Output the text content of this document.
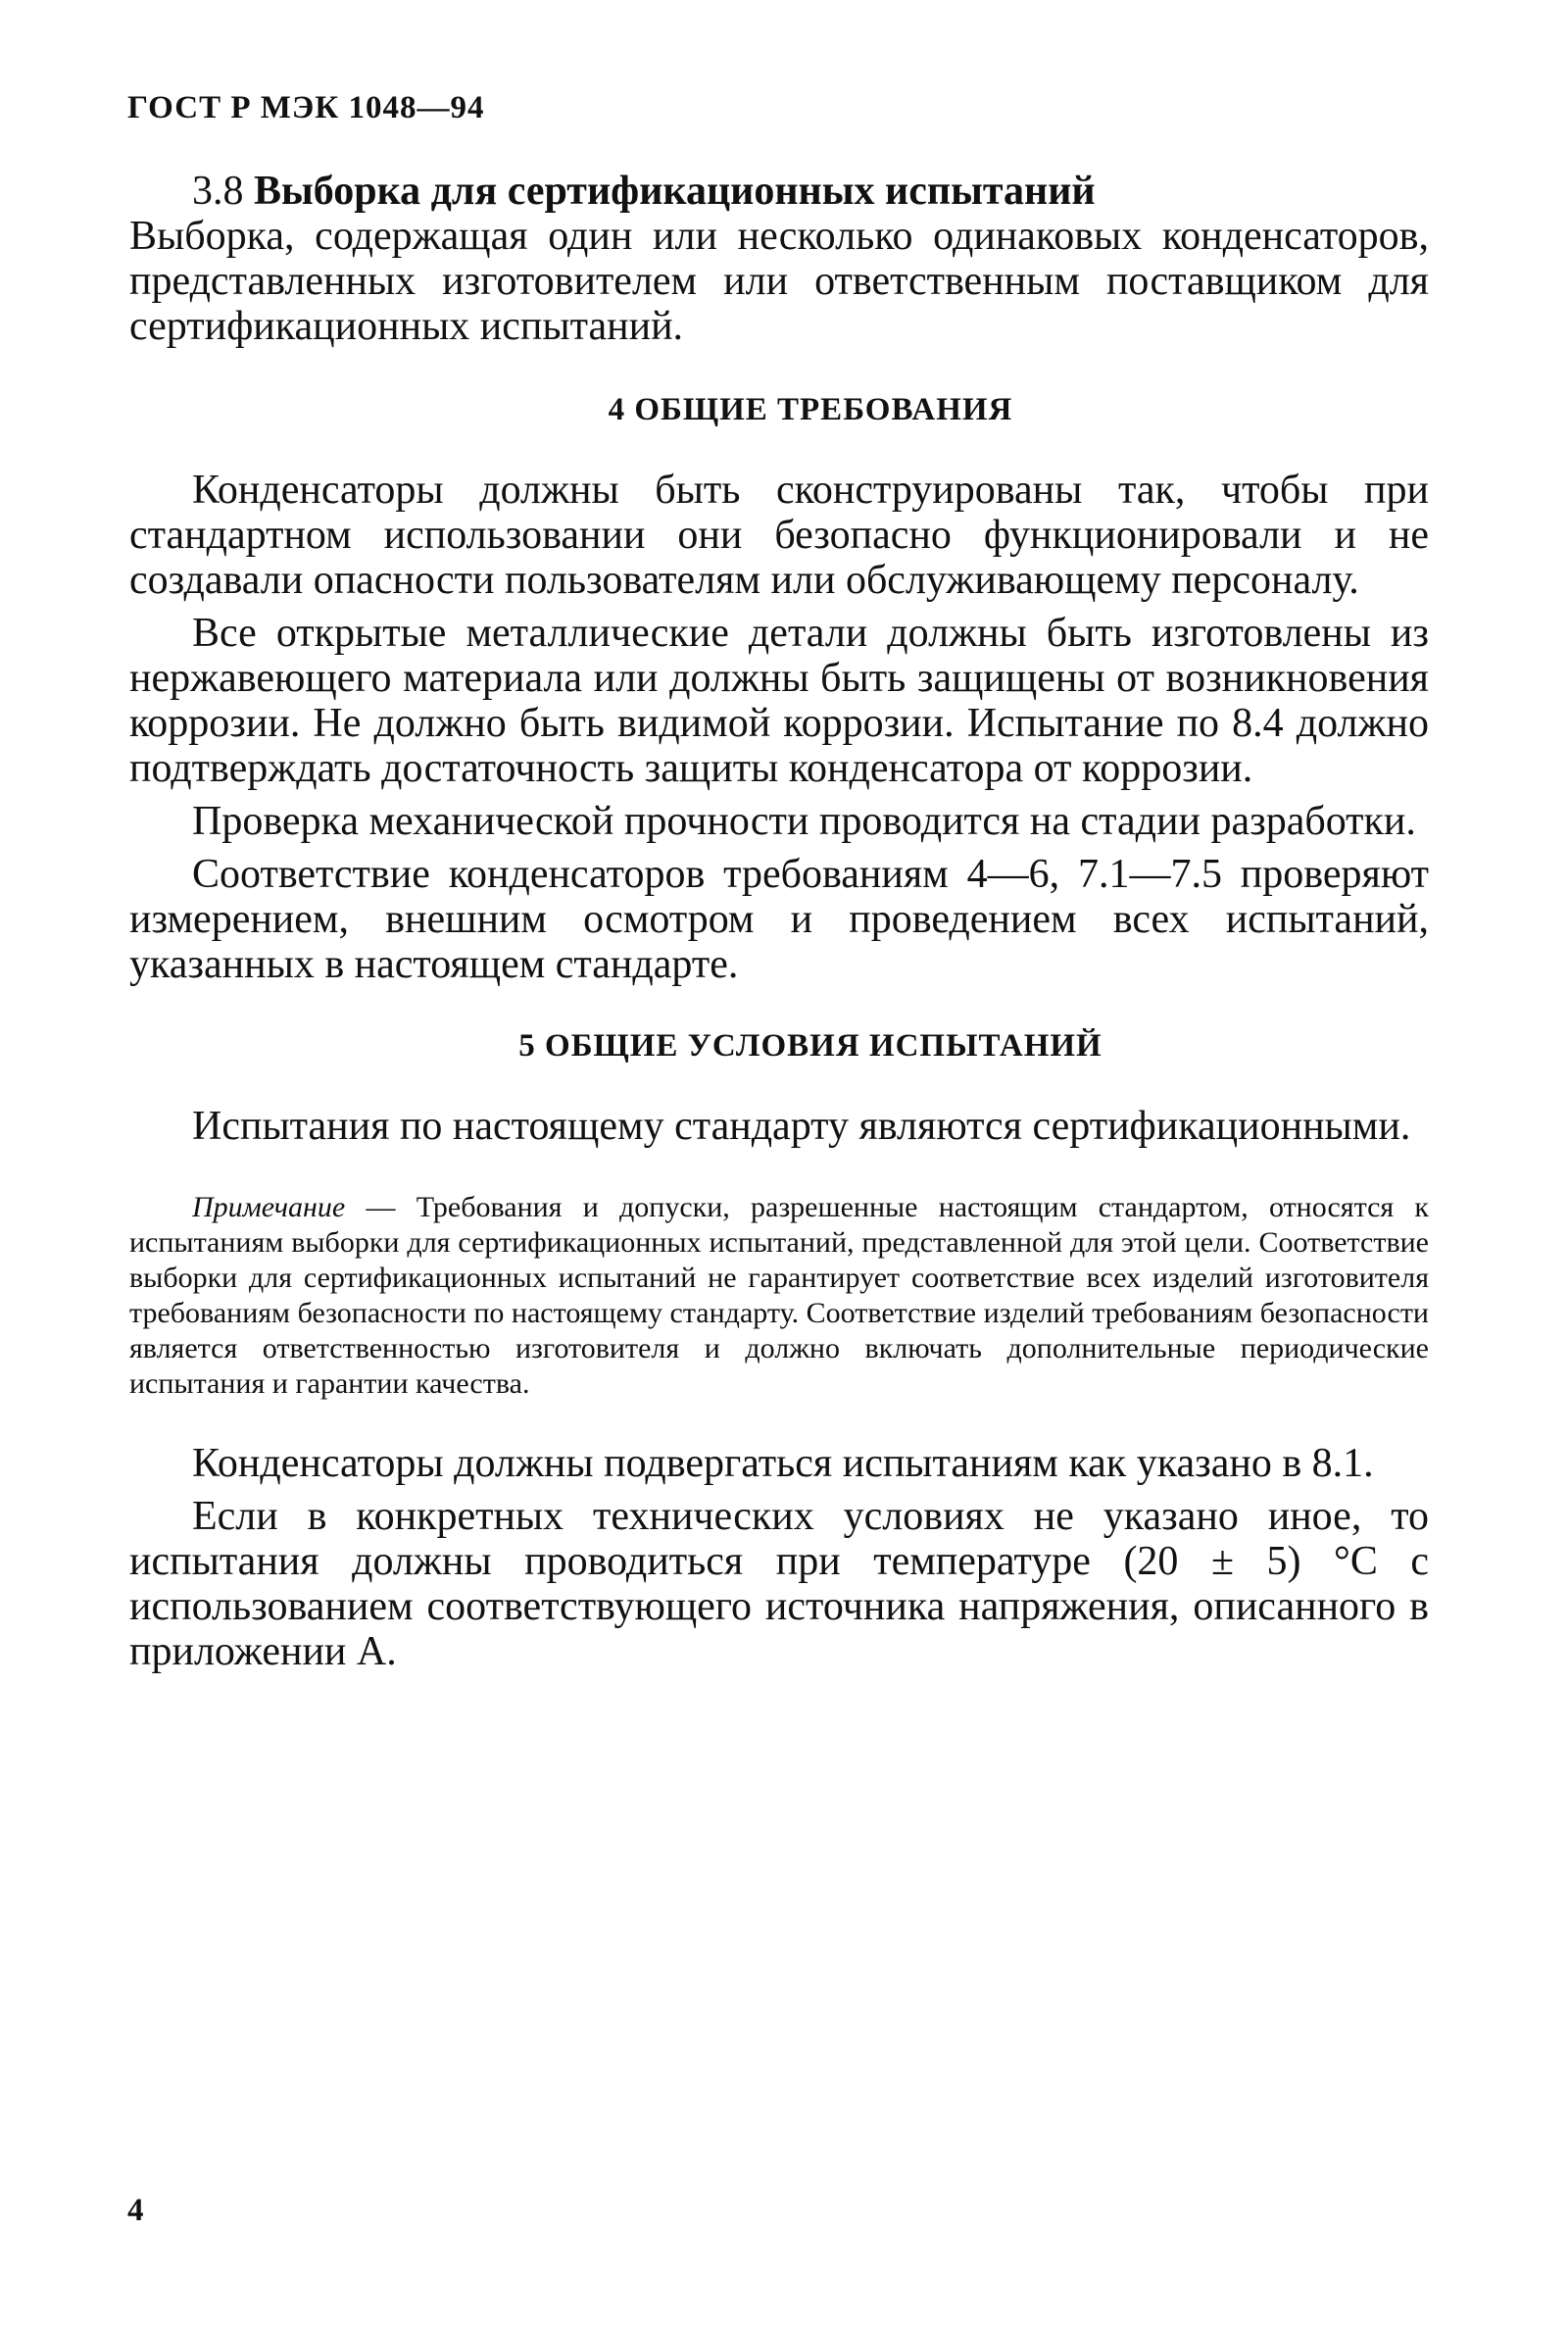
ГОСТ Р МЭК 1048—94

3.8 Выборка для сертификационных испытаний

Выборка, содержащая один или несколько одинаковых конденсаторов, представленных изготовителем или ответственным поставщиком для сертификационных испытаний.

4 ОБЩИЕ ТРЕБОВАНИЯ

Конденсаторы должны быть сконструированы так, чтобы при стандартном использовании они безопасно функционировали и не создавали опасности пользователям или обслуживающему персоналу.

Все открытые металлические детали должны быть изготовлены из нержавеющего материала или должны быть защищены от возникновения коррозии. Не должно быть видимой коррозии. Испытание по 8.4 должно подтверждать достаточность защиты конденсатора от коррозии.

Проверка механической прочности проводится на стадии разработки.

Соответствие конденсаторов требованиям 4—6, 7.1—7.5 проверяют измерением, внешним осмотром и проведением всех испытаний, указанных в настоящем стандарте.

5 ОБЩИЕ УСЛОВИЯ ИСПЫТАНИЙ

Испытания по настоящему стандарту являются сертификационными.

Примечание — Требования и допуски, разрешенные настоящим стандартом, относятся к испытаниям выборки для сертификационных испытаний, представленной для этой цели. Соответствие выборки для сертификационных испытаний не гарантирует соответствие всех изделий изготовителя требованиям безопасности по настоящему стандарту. Соответствие изделий требованиям безопасности является ответственностью изготовителя и должно включать дополнительные периодические испытания и гарантии качества.

Конденсаторы должны подвергаться испытаниям как указано в 8.1.

Если в конкретных технических условиях не указано иное, то испытания должны проводиться при температуре (20 ± 5) °С с использованием соответствующего источника напряжения, описанного в приложении А.

4
